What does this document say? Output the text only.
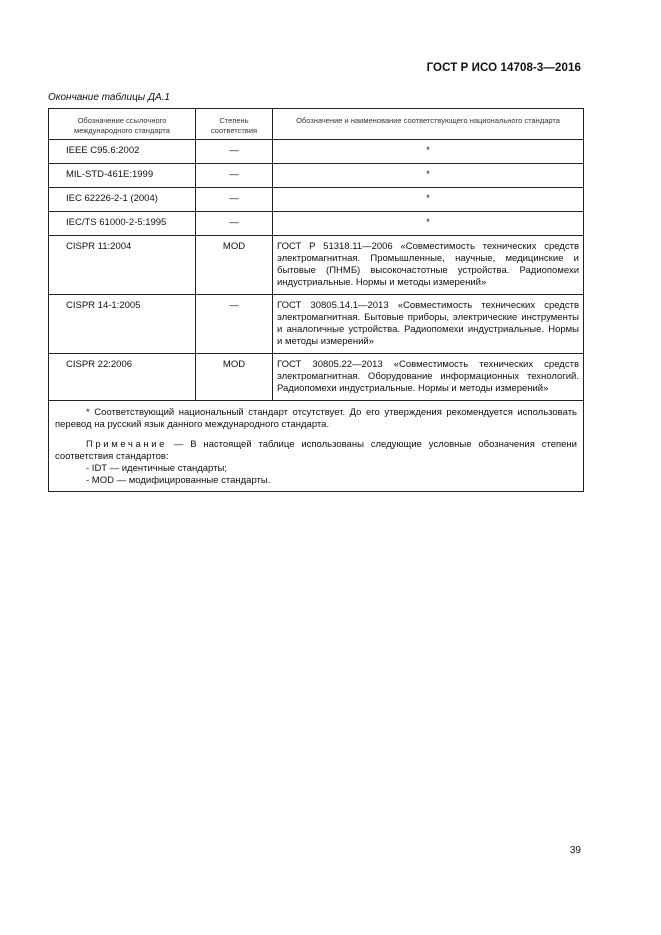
ГОСТ Р ИСО 14708-3—2016
Окончание таблицы ДА.1
Обозначение ссылочного международного стандарта	Степень соответствия	Обозначение и наименование соответствующего национального стандарта
IEEE C95.6:2002	—	*
MIL-STD-461E:1999	—	*
IEC 62226-2-1 (2004)	—	*
IEC/TS 61000-2-5:1995	—	*
CISPR 11:2004	MOD	ГОСТ Р 51318.11—2006 «Совместимость технических средств электромагнитная. Промышленные, научные, медицинские и бытовые (ПНМБ) высокочастотные устройства. Радиопомехи индустриальные. Нормы и методы измерений»
CISPR 14-1:2005	—	ГОСТ 30805.14.1—2013 «Совместимость технических средств электромагнитная. Бытовые приборы, электрические инструменты и аналогичные устройства. Радиопомехи индустриальные. Нормы и методы измерений»
CISPR 22:2006	MOD	ГОСТ 30805.22—2013 «Совместимость технических средств электромагнитная. Оборудование информационных технологий. Радиопомехи индустриальные. Нормы и методы измерений»

* Соответствующий национальный стандарт отсутствует. До его утверждения рекомендуется использовать перевод на русский язык данного международного стандарта.

Примечание — В настоящей таблице использованы следующие условные обозначения степени соответствия стандартов:

- IDT — идентичные стандарты;

- MOD — модифицированные стандарты.		

39
